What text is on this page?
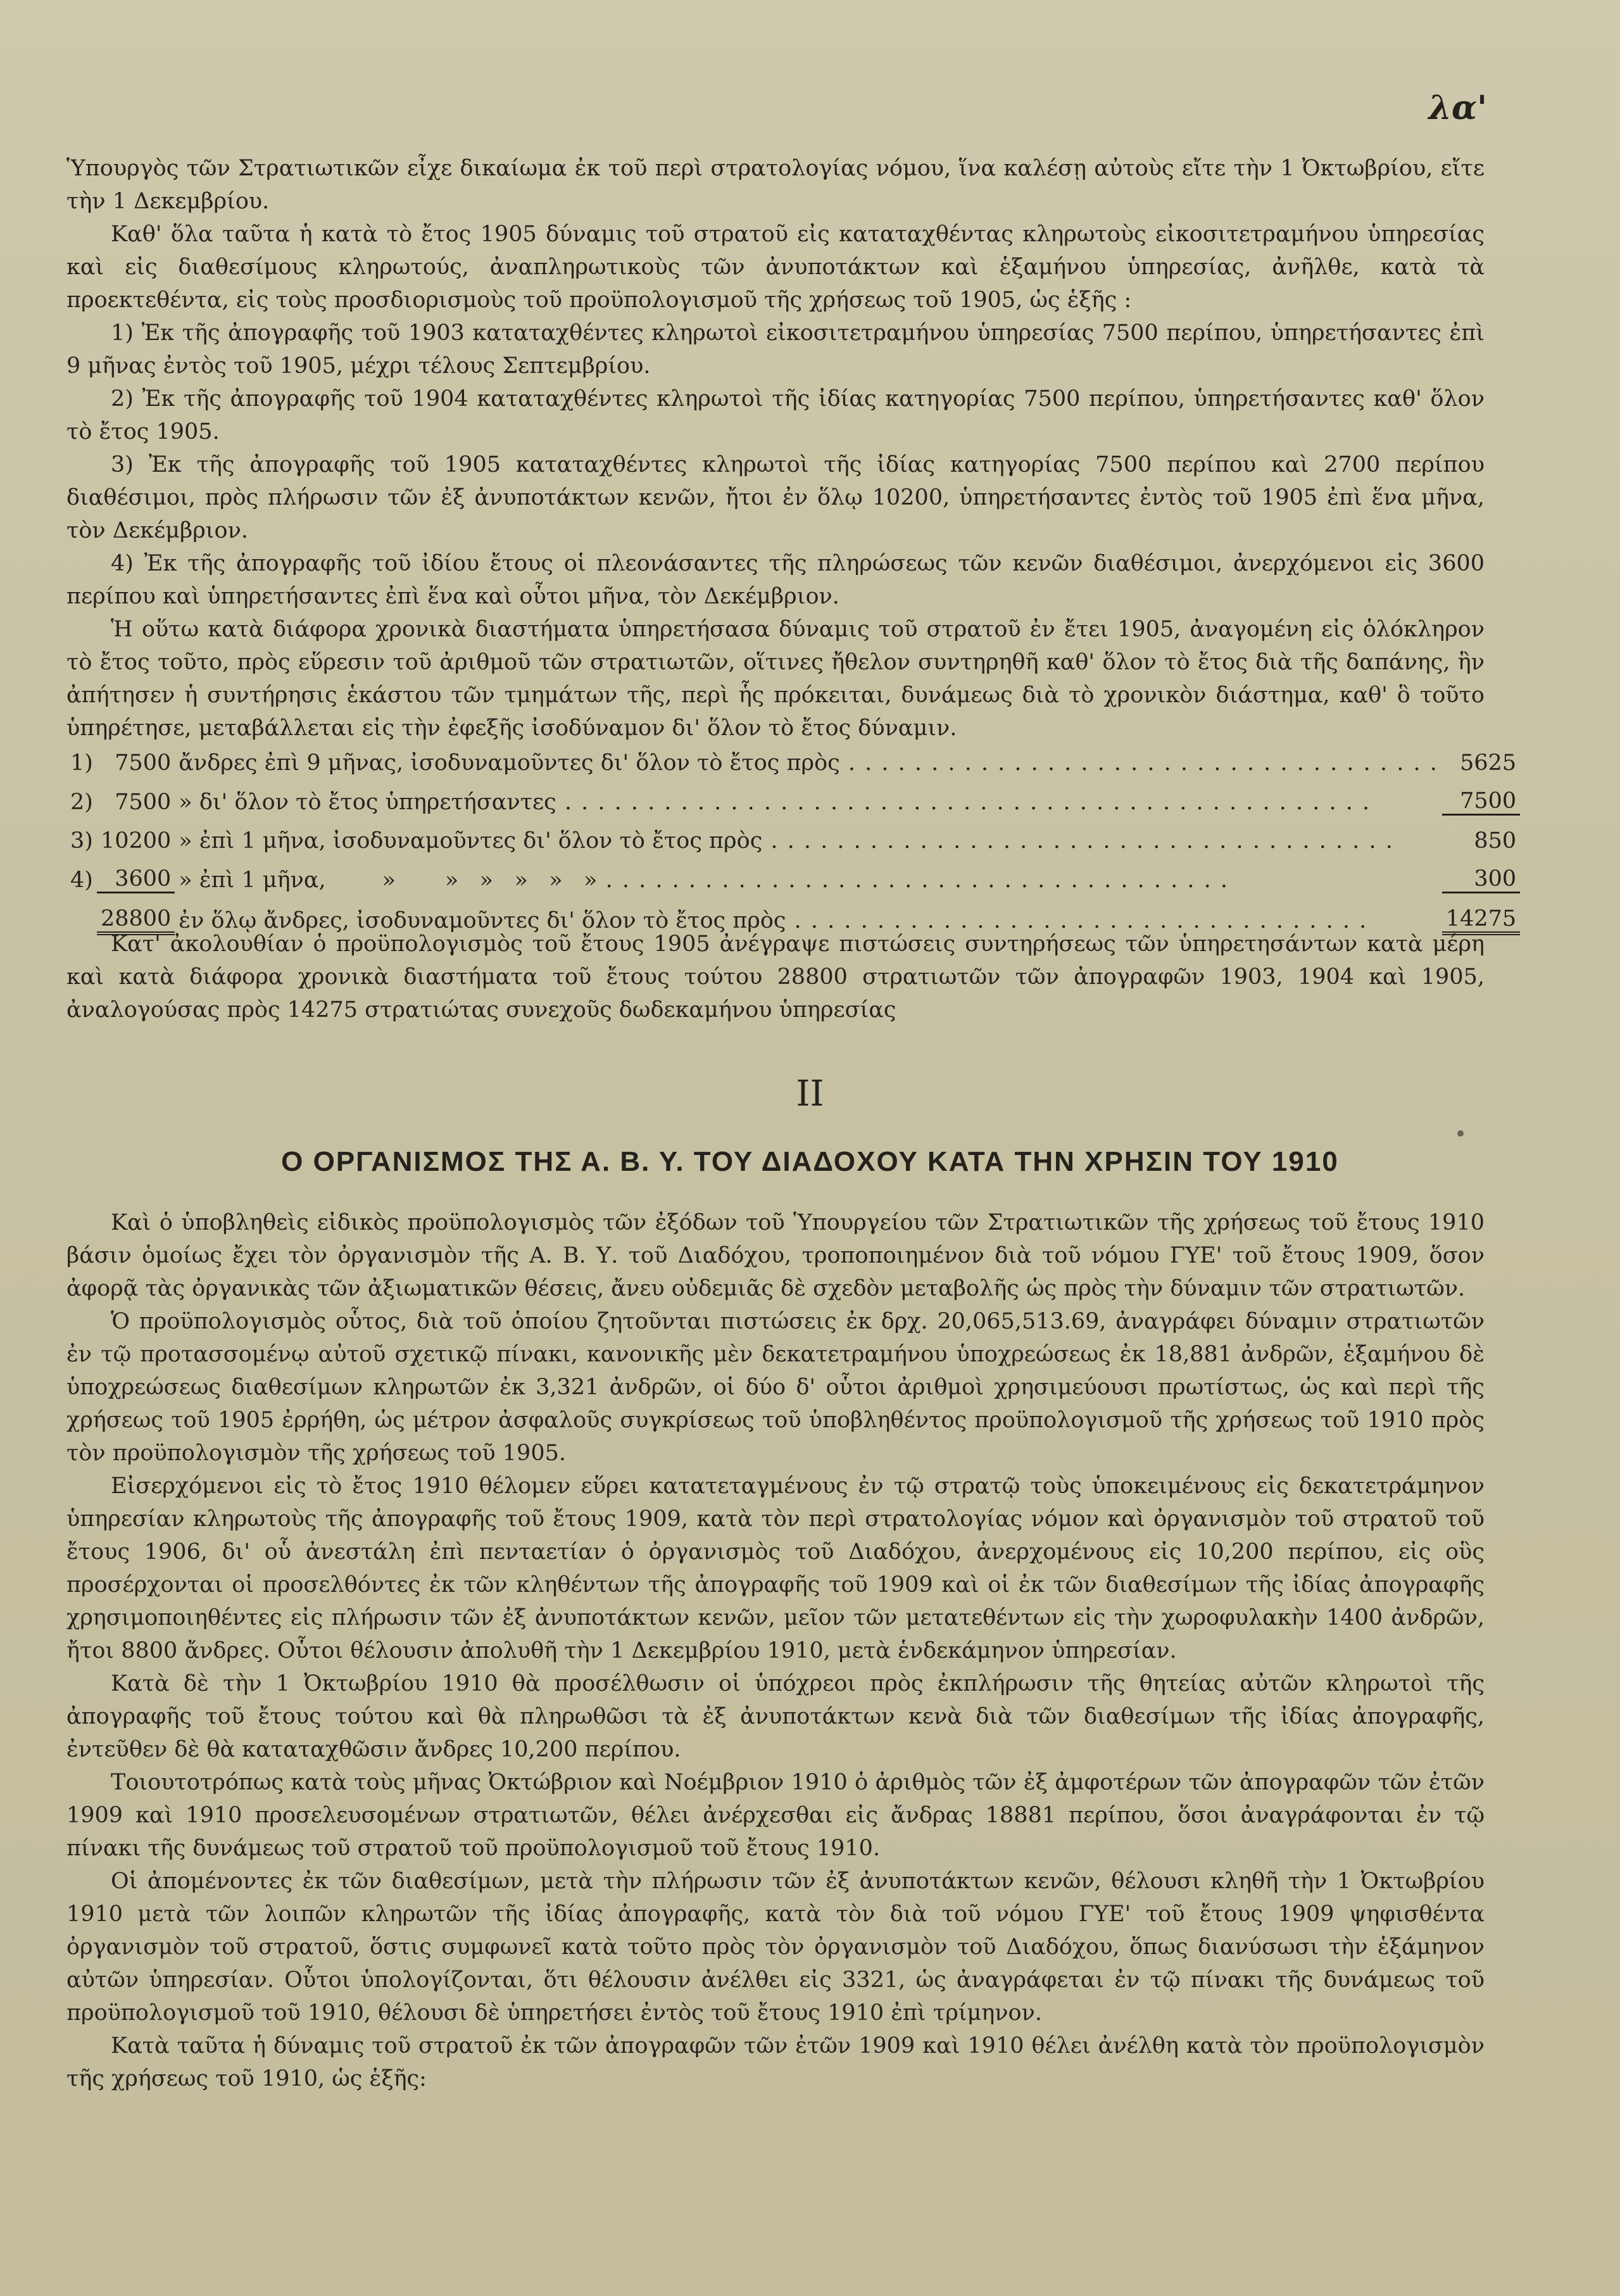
λα'

Ὑπουργὸς τῶν Στρατιωτικῶν εἶχε δικαίωμα ἐκ τοῦ περὶ στρατολογίας νόμου, ἵνα καλέσῃ αὐτοὺς εἴτε τὴν 1 Ὀκτωβρίου, εἴτε τὴν 1 Δεκεμβρίου.

Καθ' ὅλα ταῦτα ἡ κατὰ τὸ ἔτος 1905 δύναμις τοῦ στρατοῦ εἰς καταταχθέντας κληρωτοὺς εἰκοσιτετραμήνου ὑπηρεσίας καὶ εἰς διαθεσίμους κληρωτούς, ἀναπληρωτικοὺς τῶν ἀνυποτάκτων καὶ ἑξαμήνου ὑπηρεσίας, ἀνῆλθε, κατὰ τὰ προεκτεθέντα, εἰς τοὺς προσδιορισμοὺς τοῦ προϋπολογισμοῦ τῆς χρήσεως τοῦ 1905, ὡς ἑξῆς :

1) Ἐκ τῆς ἀπογραφῆς τοῦ 1903 καταταχθέντες κληρωτοὶ εἰκοσιτετραμήνου ὑπηρεσίας 7500 περίπου, ὑπηρετήσαντες ἐπὶ 9 μῆνας ἐντὸς τοῦ 1905, μέχρι τέλους Σεπτεμβρίου.

2) Ἐκ τῆς ἀπογραφῆς τοῦ 1904 καταταχθέντες κληρωτοὶ τῆς ἰδίας κατηγορίας 7500 περίπου, ὑπηρετήσαντες καθ' ὅλον τὸ ἔτος 1905.

3) Ἐκ τῆς ἀπογραφῆς τοῦ 1905 καταταχθέντες κληρωτοὶ τῆς ἰδίας κατηγορίας 7500 περίπου καὶ 2700 περίπου διαθέσιμοι, πρὸς πλήρωσιν τῶν ἐξ ἀνυποτάκτων κενῶν, ἤτοι ἐν ὅλῳ 10200, ὑπηρετήσαντες ἐντὸς τοῦ 1905 ἐπὶ ἕνα μῆνα, τὸν Δεκέμβριον.

4) Ἐκ τῆς ἀπογραφῆς τοῦ ἰδίου ἔτους οἱ πλεονάσαντες τῆς πληρώσεως τῶν κενῶν διαθέσιμοι, ἀνερχόμενοι εἰς 3600 περίπου καὶ ὑπηρετήσαντες ἐπὶ ἕνα καὶ οὗτοι μῆνα, τὸν Δεκέμβριον.

Ἡ οὕτω κατὰ διάφορα χρονικὰ διαστήματα ὑπηρετήσασα δύναμις τοῦ στρατοῦ ἐν ἔτει 1905, ἀναγομένη εἰς ὁλόκληρον τὸ ἔτος τοῦτο, πρὸς εὕρεσιν τοῦ ἀριθμοῦ τῶν στρατιωτῶν, οἵτινες ἤθελον συντηρηθῆ καθ' ὅλον τὸ ἔτος διὰ τῆς δαπάνης, ἣν ἀπήτησεν ἡ συντήρησις ἑκάστου τῶν τμημάτων τῆς, περὶ ἧς πρόκειται, δυνάμεως διὰ τὸ χρονικὸν διάστημα, καθ' ὃ τοῦτο ὑπηρέτησε, μεταβάλλεται εἰς τὴν ἐφεξῆς ἰσοδύναμον δι' ὅλον τὸ ἔτος δύναμιν.

1)	7500	ἄνδρες ἐπὶ 9 μῆνας, ἰσοδυναμοῦντες δι' ὅλον τὸ ἔτος πρὸς . . . . . . . . . . . . . . . . . . . . . . . . . . . . . . . . . . . .	5625
2)	7500	» δι' ὅλον τὸ ἔτος ὑπηρετήσαντες . . . . . . . . . . . . . . . . . . . . . . . . . . . . . . . . . . . . . . . . . . . . . . . . .	7500
3)	10200	» ἐπὶ 1 μῆνα, ἰσοδυναμοῦντες δι' ὅλον τὸ ἔτος πρὸς . . . . . . . . . . . . . . . . . . . . . . . . . . . . . . . . . . . . . .	850
4)	3600	» ἐπὶ 1 μῆνα,        »       »   »   »   »   » . . . . . . . . . . . . . . . . . . . . . . . . . . . . . . . . . . . . . .	300
	28800	ἐν ὅλῳ ἄνδρες, ἰσοδυναμοῦντες δι' ὅλον τὸ ἔτος πρὸς . . . . . . . . . . . . . . . . . . . . . . . . . . . . . . . . . . .	14275

Κατ' ἀκολουθίαν ὁ προϋπολογισμὸς τοῦ ἔτους 1905 ἀνέγραψε πιστώσεις συντηρήσεως τῶν ὑπηρετησάντων κατὰ μέρη καὶ κατὰ διάφορα χρονικὰ διαστήματα τοῦ ἔτους τούτου 28800 στρατιωτῶν τῶν ἀπογραφῶν 1903, 1904 καὶ 1905, ἀναλογούσας πρὸς 14275 στρατιώτας συνεχοῦς δωδεκαμήνου ὑπηρεσίας

II
Ο ΟΡΓΑΝΙΣΜΟΣ ΤΗΣ Α. Β. Υ. ΤΟΥ ΔΙΑΔΟΧΟΥ ΚΑΤΑ ΤΗΝ ΧΡΗΣΙΝ ΤΟΥ 1910

Καὶ ὁ ὑποβληθεὶς εἰδικὸς προϋπολογισμὸς τῶν ἐξόδων τοῦ Ὑπουργείου τῶν Στρατιωτικῶν τῆς χρήσεως τοῦ ἔτους 1910 βάσιν ὁμοίως ἔχει τὸν ὀργανισμὸν τῆς Α. Β. Υ. τοῦ Διαδόχου, τροποποιημένον διὰ τοῦ νόμου ΓΥΕ' τοῦ ἔτους 1909, ὅσον ἀφορᾷ τὰς ὀργανικὰς τῶν ἀξιωματικῶν θέσεις, ἄνευ οὐδεμιᾶς δὲ σχεδὸν μεταβολῆς ὡς πρὸς τὴν δύναμιν τῶν στρατιωτῶν.

Ὁ προϋπολογισμὸς οὗτος, διὰ τοῦ ὁποίου ζητοῦνται πιστώσεις ἐκ δρχ. 20,065,513.69, ἀναγράφει δύναμιν στρατιωτῶν ἐν τῷ προτασσομένῳ αὐτοῦ σχετικῷ πίνακι, κανονικῆς μὲν δεκατετραμήνου ὑποχρεώσεως ἐκ 18,881 ἀνδρῶν, ἑξαμήνου δὲ ὑποχρεώσεως διαθεσίμων κληρωτῶν ἐκ 3,321 ἀνδρῶν, οἱ δύο δ' οὗτοι ἀριθμοὶ χρησιμεύουσι πρωτίστως, ὡς καὶ περὶ τῆς χρήσεως τοῦ 1905 ἐρρήθη, ὡς μέτρον ἀσφαλοῦς συγκρίσεως τοῦ ὑποβληθέντος προϋπολογισμοῦ τῆς χρήσεως τοῦ 1910 πρὸς τὸν προϋπολογισμὸν τῆς χρήσεως τοῦ 1905.

Εἰσερχόμενοι εἰς τὸ ἔτος 1910 θέλομεν εὕρει κατατεταγμένους ἐν τῷ στρατῷ τοὺς ὑποκειμένους εἰς δεκατετράμηνον ὑπηρεσίαν κληρωτοὺς τῆς ἀπογραφῆς τοῦ ἔτους 1909, κατὰ τὸν περὶ στρατολογίας νόμον καὶ ὀργανισμὸν τοῦ στρατοῦ τοῦ ἔτους 1906, δι' οὗ ἀνεστάλη ἐπὶ πενταετίαν ὁ ὀργανισμὸς τοῦ Διαδόχου, ἀνερχομένους εἰς 10,200 περίπου, εἰς οὓς προσέρχονται οἱ προσελθόντες ἐκ τῶν κληθέντων τῆς ἀπογραφῆς τοῦ 1909 καὶ οἱ ἐκ τῶν διαθεσίμων τῆς ἰδίας ἀπογραφῆς χρησιμοποιηθέντες εἰς πλήρωσιν τῶν ἐξ ἀνυποτάκτων κενῶν, μεῖον τῶν μετατεθέντων εἰς τὴν χωροφυλακὴν 1400 ἀνδρῶν, ἤτοι 8800 ἄνδρες. Οὗτοι θέλουσιν ἀπολυθῆ τὴν 1 Δεκεμβρίου 1910, μετὰ ἑνδεκάμηνον ὑπηρεσίαν.

Κατὰ δὲ τὴν 1 Ὀκτωβρίου 1910 θὰ προσέλθωσιν οἱ ὑπόχρεοι πρὸς ἐκπλήρωσιν τῆς θητείας αὐτῶν κληρωτοὶ τῆς ἀπογραφῆς τοῦ ἔτους τούτου καὶ θὰ πληρωθῶσι τὰ ἐξ ἀνυποτάκτων κενὰ διὰ τῶν διαθεσίμων τῆς ἰδίας ἀπογραφῆς, ἐντεῦθεν δὲ θὰ καταταχθῶσιν ἄνδρες 10,200 περίπου.

Τοιουτοτρόπως κατὰ τοὺς μῆνας Ὀκτώβριον καὶ Νοέμβριον 1910 ὁ ἀριθμὸς τῶν ἐξ ἀμφοτέρων τῶν ἀπογραφῶν τῶν ἐτῶν 1909 καὶ 1910 προσελευσομένων στρατιωτῶν, θέλει ἀνέρχεσθαι εἰς ἄνδρας 18881 περίπου, ὅσοι ἀναγράφονται ἐν τῷ πίνακι τῆς δυνάμεως τοῦ στρατοῦ τοῦ προϋπολογισμοῦ τοῦ ἔτους 1910.

Οἱ ἀπομένοντες ἐκ τῶν διαθεσίμων, μετὰ τὴν πλήρωσιν τῶν ἐξ ἀνυποτάκτων κενῶν, θέλουσι κληθῆ τὴν 1 Ὀκτωβρίου 1910 μετὰ τῶν λοιπῶν κληρωτῶν τῆς ἰδίας ἀπογραφῆς, κατὰ τὸν διὰ τοῦ νόμου ΓΥΕ' τοῦ ἔτους 1909 ψηφισθέντα ὀργανισμὸν τοῦ στρατοῦ, ὅστις συμφωνεῖ κατὰ τοῦτο πρὸς τὸν ὀργανισμὸν τοῦ Διαδόχου, ὅπως διανύσωσι τὴν ἑξάμηνον αὐτῶν ὑπηρεσίαν. Οὗτοι ὑπολογίζονται, ὅτι θέλουσιν ἀνέλθει εἰς 3321, ὡς ἀναγράφεται ἐν τῷ πίνακι τῆς δυνάμεως τοῦ προϋπολογισμοῦ τοῦ 1910, θέλουσι δὲ ὑπηρετήσει ἐντὸς τοῦ ἔτους 1910 ἐπὶ τρίμηνον.

Κατὰ ταῦτα ἡ δύναμις τοῦ στρατοῦ ἐκ τῶν ἀπογραφῶν τῶν ἐτῶν 1909 καὶ 1910 θέλει ἀνέλθη κατὰ τὸν προϋπολογισμὸν τῆς χρήσεως τοῦ 1910, ὡς ἑξῆς:
